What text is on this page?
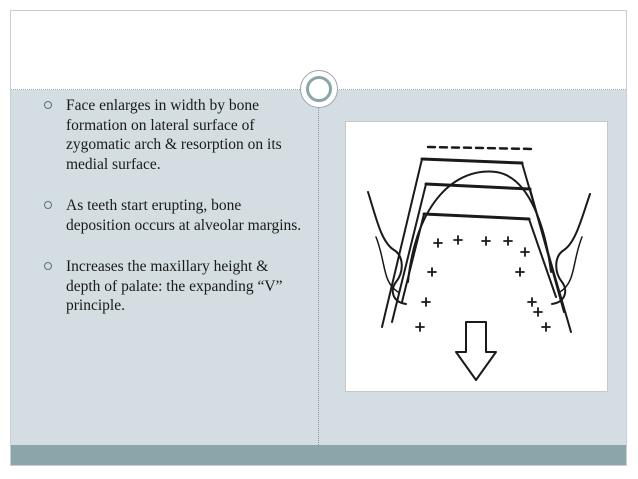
Face enlarges in width by bone formation on lateral surface of zygomatic arch & resorption on its medial surface.
As teeth start erupting, bone deposition occurs at alveolar margins.
Increases the maxillary height & depth of palate: the expanding “V” principle.
